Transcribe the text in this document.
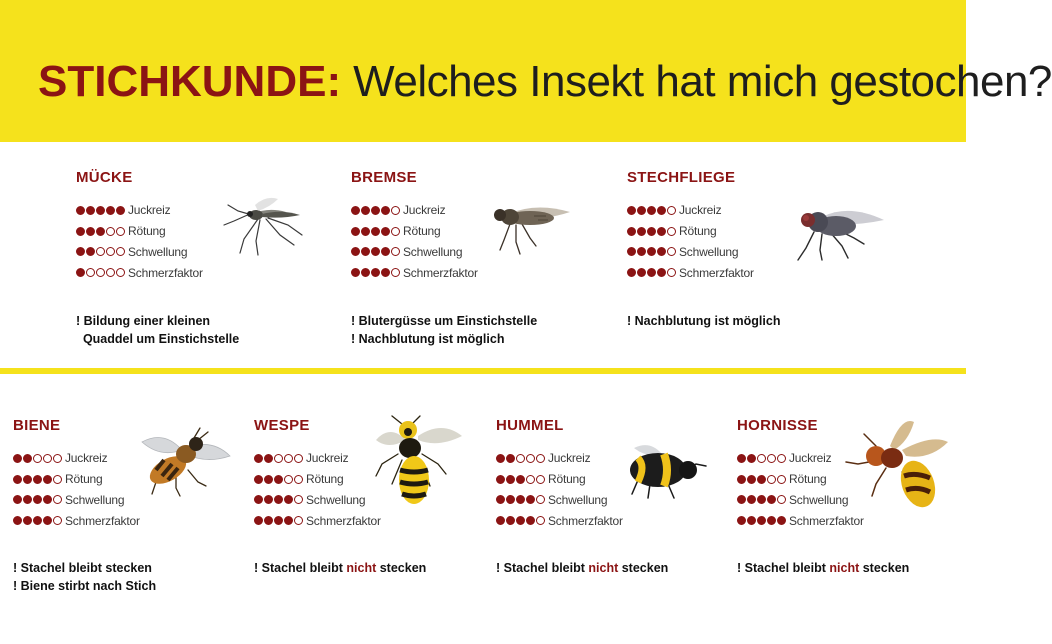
STICHKUNDE: Welches Insekt hat mich gestochen?
MÜCKE
Juckreiz
Rötung
Schwellung
Schmerzfaktor
BREMSE
Juckreiz
Rötung
Schwellung
Schmerzfaktor
STECHFLIEGE
Juckreiz
Rötung
Schwellung
Schmerzfaktor
BIENE
Juckreiz
Rötung
Schwellung
Schmerzfaktor
WESPE
Juckreiz
Rötung
Schwellung
Schmerzfaktor
HUMMEL
Juckreiz
Rötung
Schwellung
Schmerzfaktor
HORNISSE
Juckreiz
Rötung
Schwellung
Schmerzfaktor
! Bildung einer kleinen
Quaddel um Einstichstelle
! Blutergüsse um Einstichstelle
! Nachblutung ist möglich
! Nachblutung ist möglich
! Stachel bleibt stecken
! Biene stirbt nach Stich
! Stachel bleibt nicht stecken	! Stachel bleibt nicht stecken	! Stachel bleibt nicht stecken
